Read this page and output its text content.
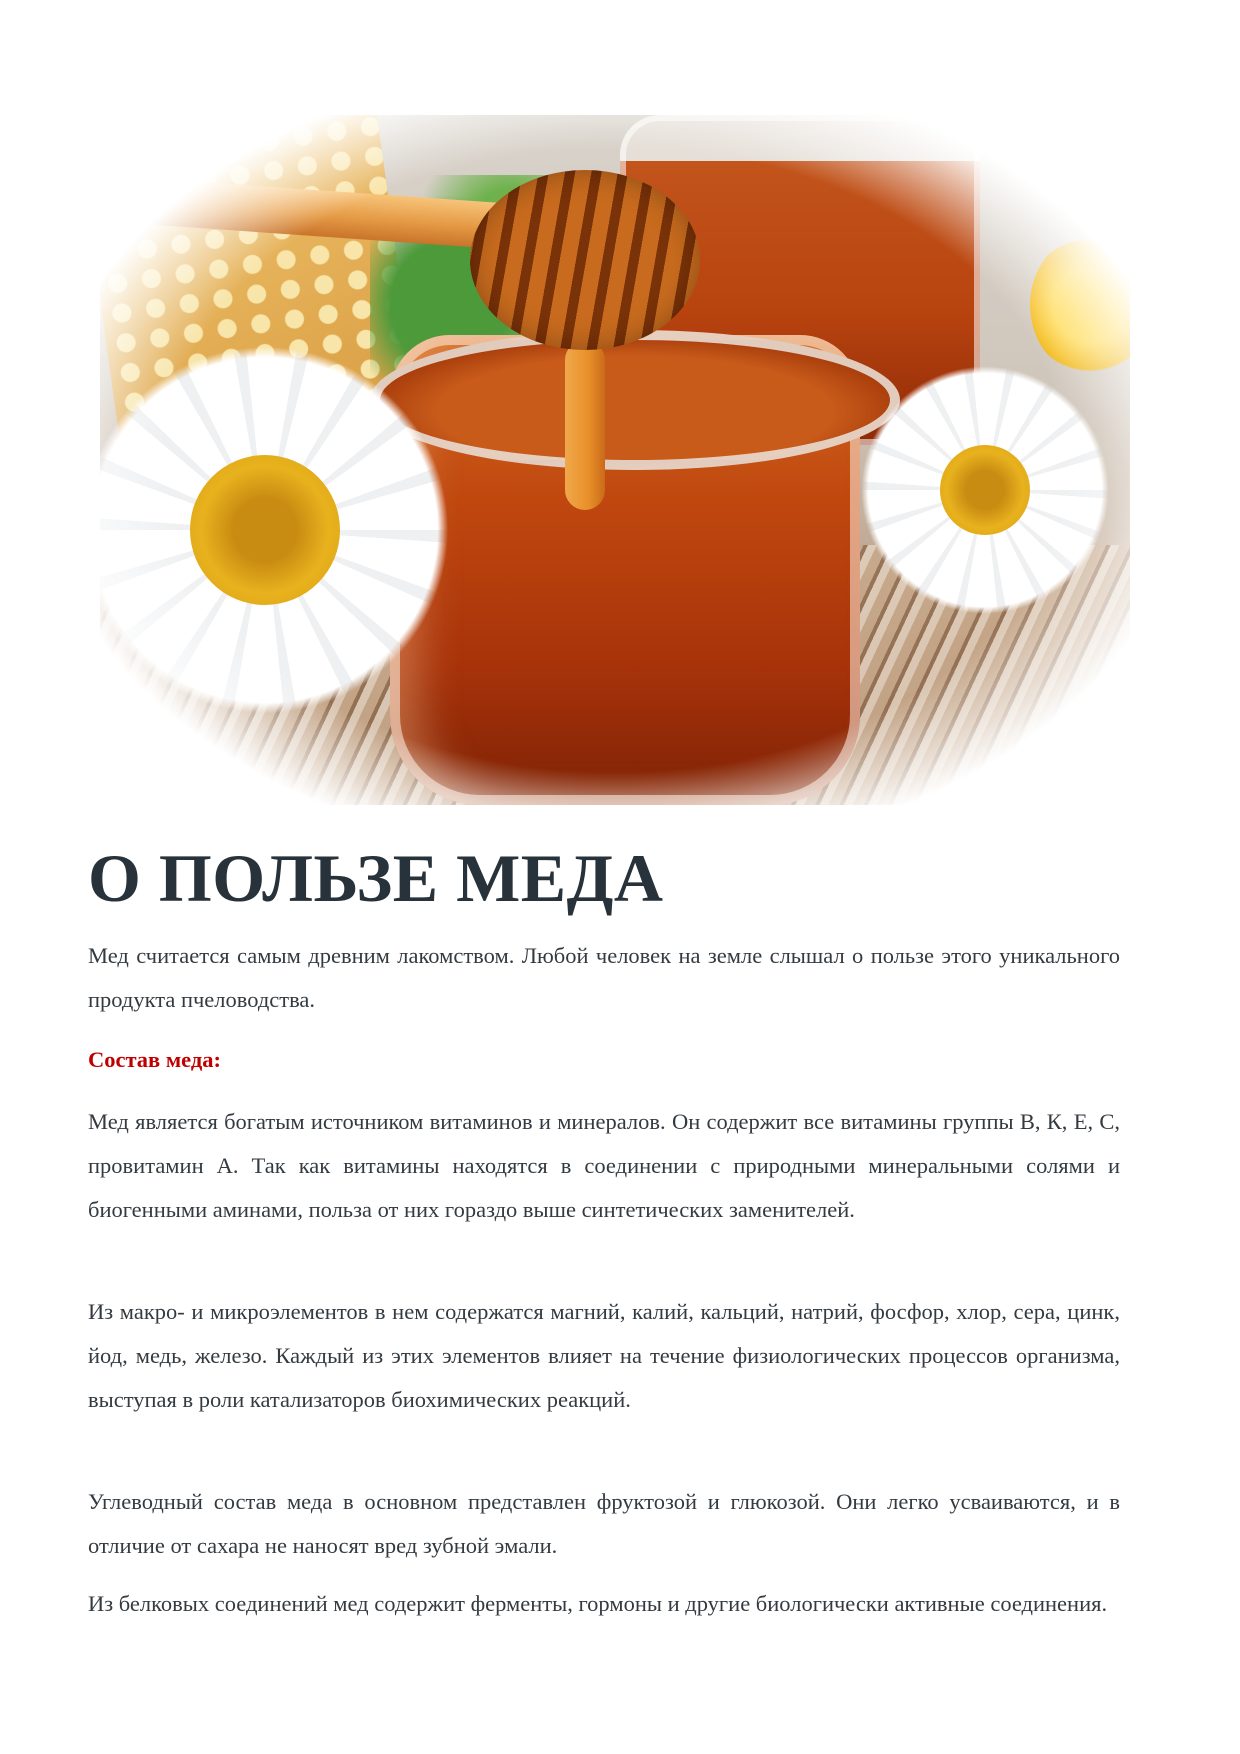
О ПОЛЬЗЕ МЕДА

Мед считается самым древним лакомством. Любой человек на земле слышал о пользе этого уникального продукта пчеловодства.

Состав меда:

Мед является богатым источником витаминов и минералов. Он содержит все витамины группы В, К, Е, С, провитамин А. Так как витамины находятся в соединении с природными минеральными солями и биогенными аминами, польза от них гораздо выше синтетических заменителей.

Из макро- и микроэлементов в нем содержатся магний, калий, кальций, натрий, фосфор, хлор, сера, цинк, йод, медь, железо. Каждый из этих элементов влияет на течение физиологических процессов организма, выступая в роли катализаторов биохимических реакций.

Углеводный состав меда в основном представлен фруктозой и глюкозой. Они легко усваиваются, и в отличие от сахара не наносят вред зубной эмали.

Из белковых соединений мед содержит ферменты, гормоны и другие биологически активные соединения.
